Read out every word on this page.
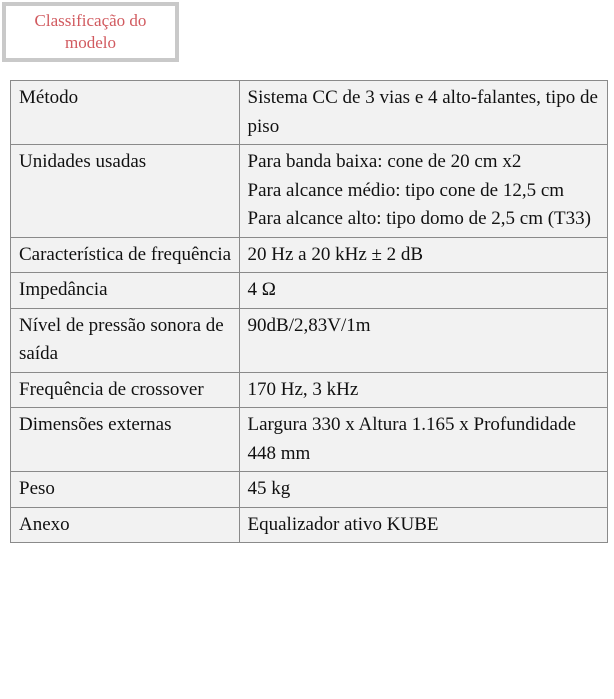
Classificação do modelo
Método	Sistema CC de 3 vias e 4 alto-falantes, tipo de piso

Unidades usadas	Para banda baixa: cone de 20 cm x2
Para alcance médio: tipo cone de 12,5 cm
Para alcance alto: tipo domo de 2,5 cm (T33)

Característica de frequência	20 Hz a 20 kHz ± 2 dB

Impedância	4 Ω

Nível de pressão sonora de saída	90dB/2,83V/1m

Frequência de crossover	170 Hz, 3 kHz

Dimensões externas	Largura 330 x Altura 1.165 x Profundidade 448 mm

Peso	45 kg

Anexo	Equalizador ativo KUBE
